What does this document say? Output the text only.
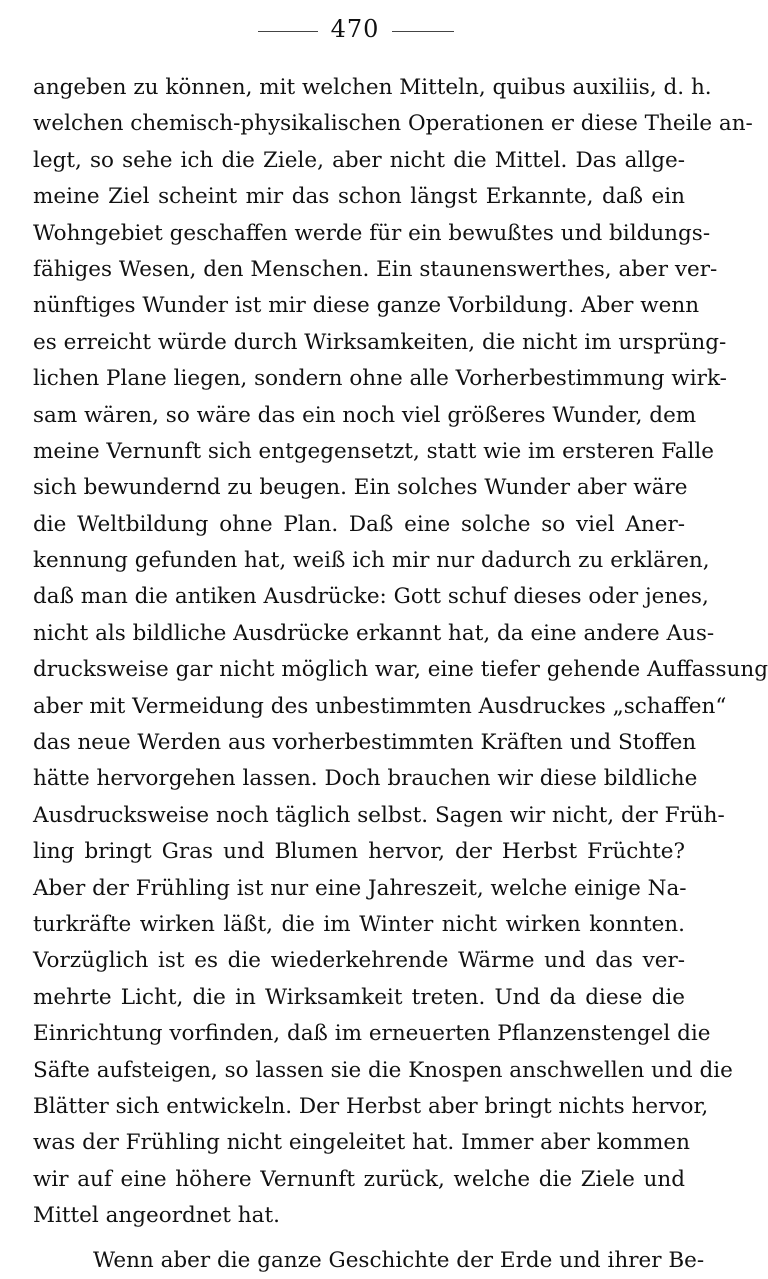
470
angeben zu können, mit welchen Mitteln, quibus auxiliis, d. h.
welchen chemisch-physikalischen Operationen er diese Theile an-
legt, so sehe ich die Ziele, aber nicht die Mittel. Das allge-
meine Ziel scheint mir das schon längst Erkannte, daß ein
Wohngebiet geschaffen werde für ein bewußtes und bildungs-
fähiges Wesen, den Menschen. Ein staunenswerthes, aber ver-
nünftiges Wunder ist mir diese ganze Vorbildung. Aber wenn
es erreicht würde durch Wirksamkeiten, die nicht im ursprüng-
lichen Plane liegen, sondern ohne alle Vorherbestimmung wirk-
sam wären, so wäre das ein noch viel größeres Wunder, dem
meine Vernunft sich entgegensetzt, statt wie im ersteren Falle
sich bewundernd zu beugen. Ein solches Wunder aber wäre
die Weltbildung ohne Plan. Daß eine solche so viel Aner-
kennung gefunden hat, weiß ich mir nur dadurch zu erklären,
daß man die antiken Ausdrücke: Gott schuf dieses oder jenes,
nicht als bildliche Ausdrücke erkannt hat, da eine andere Aus-
drucksweise gar nicht möglich war, eine tiefer gehende Auffassung
aber mit Vermeidung des unbestimmten Ausdruckes „schaffen“
das neue Werden aus vorherbestimmten Kräften und Stoffen
hätte hervorgehen lassen. Doch brauchen wir diese bildliche
Ausdrucksweise noch täglich selbst. Sagen wir nicht, der Früh-
ling bringt Gras und Blumen hervor, der Herbst Früchte?
Aber der Frühling ist nur eine Jahreszeit, welche einige Na-
turkräfte wirken läßt, die im Winter nicht wirken konnten.
Vorzüglich ist es die wiederkehrende Wärme und das ver-
mehrte Licht, die in Wirksamkeit treten. Und da diese die
Einrichtung vorfinden, daß im erneuerten Pflanzenstengel die
Säfte aufsteigen, so lassen sie die Knospen anschwellen und die
Blätter sich entwickeln. Der Herbst aber bringt nichts hervor,
was der Frühling nicht eingeleitet hat. Immer aber kommen
wir auf eine höhere Vernunft zurück, welche die Ziele und
Mittel angeordnet hat.
Wenn aber die ganze Geschichte der Erde und ihrer Be-
